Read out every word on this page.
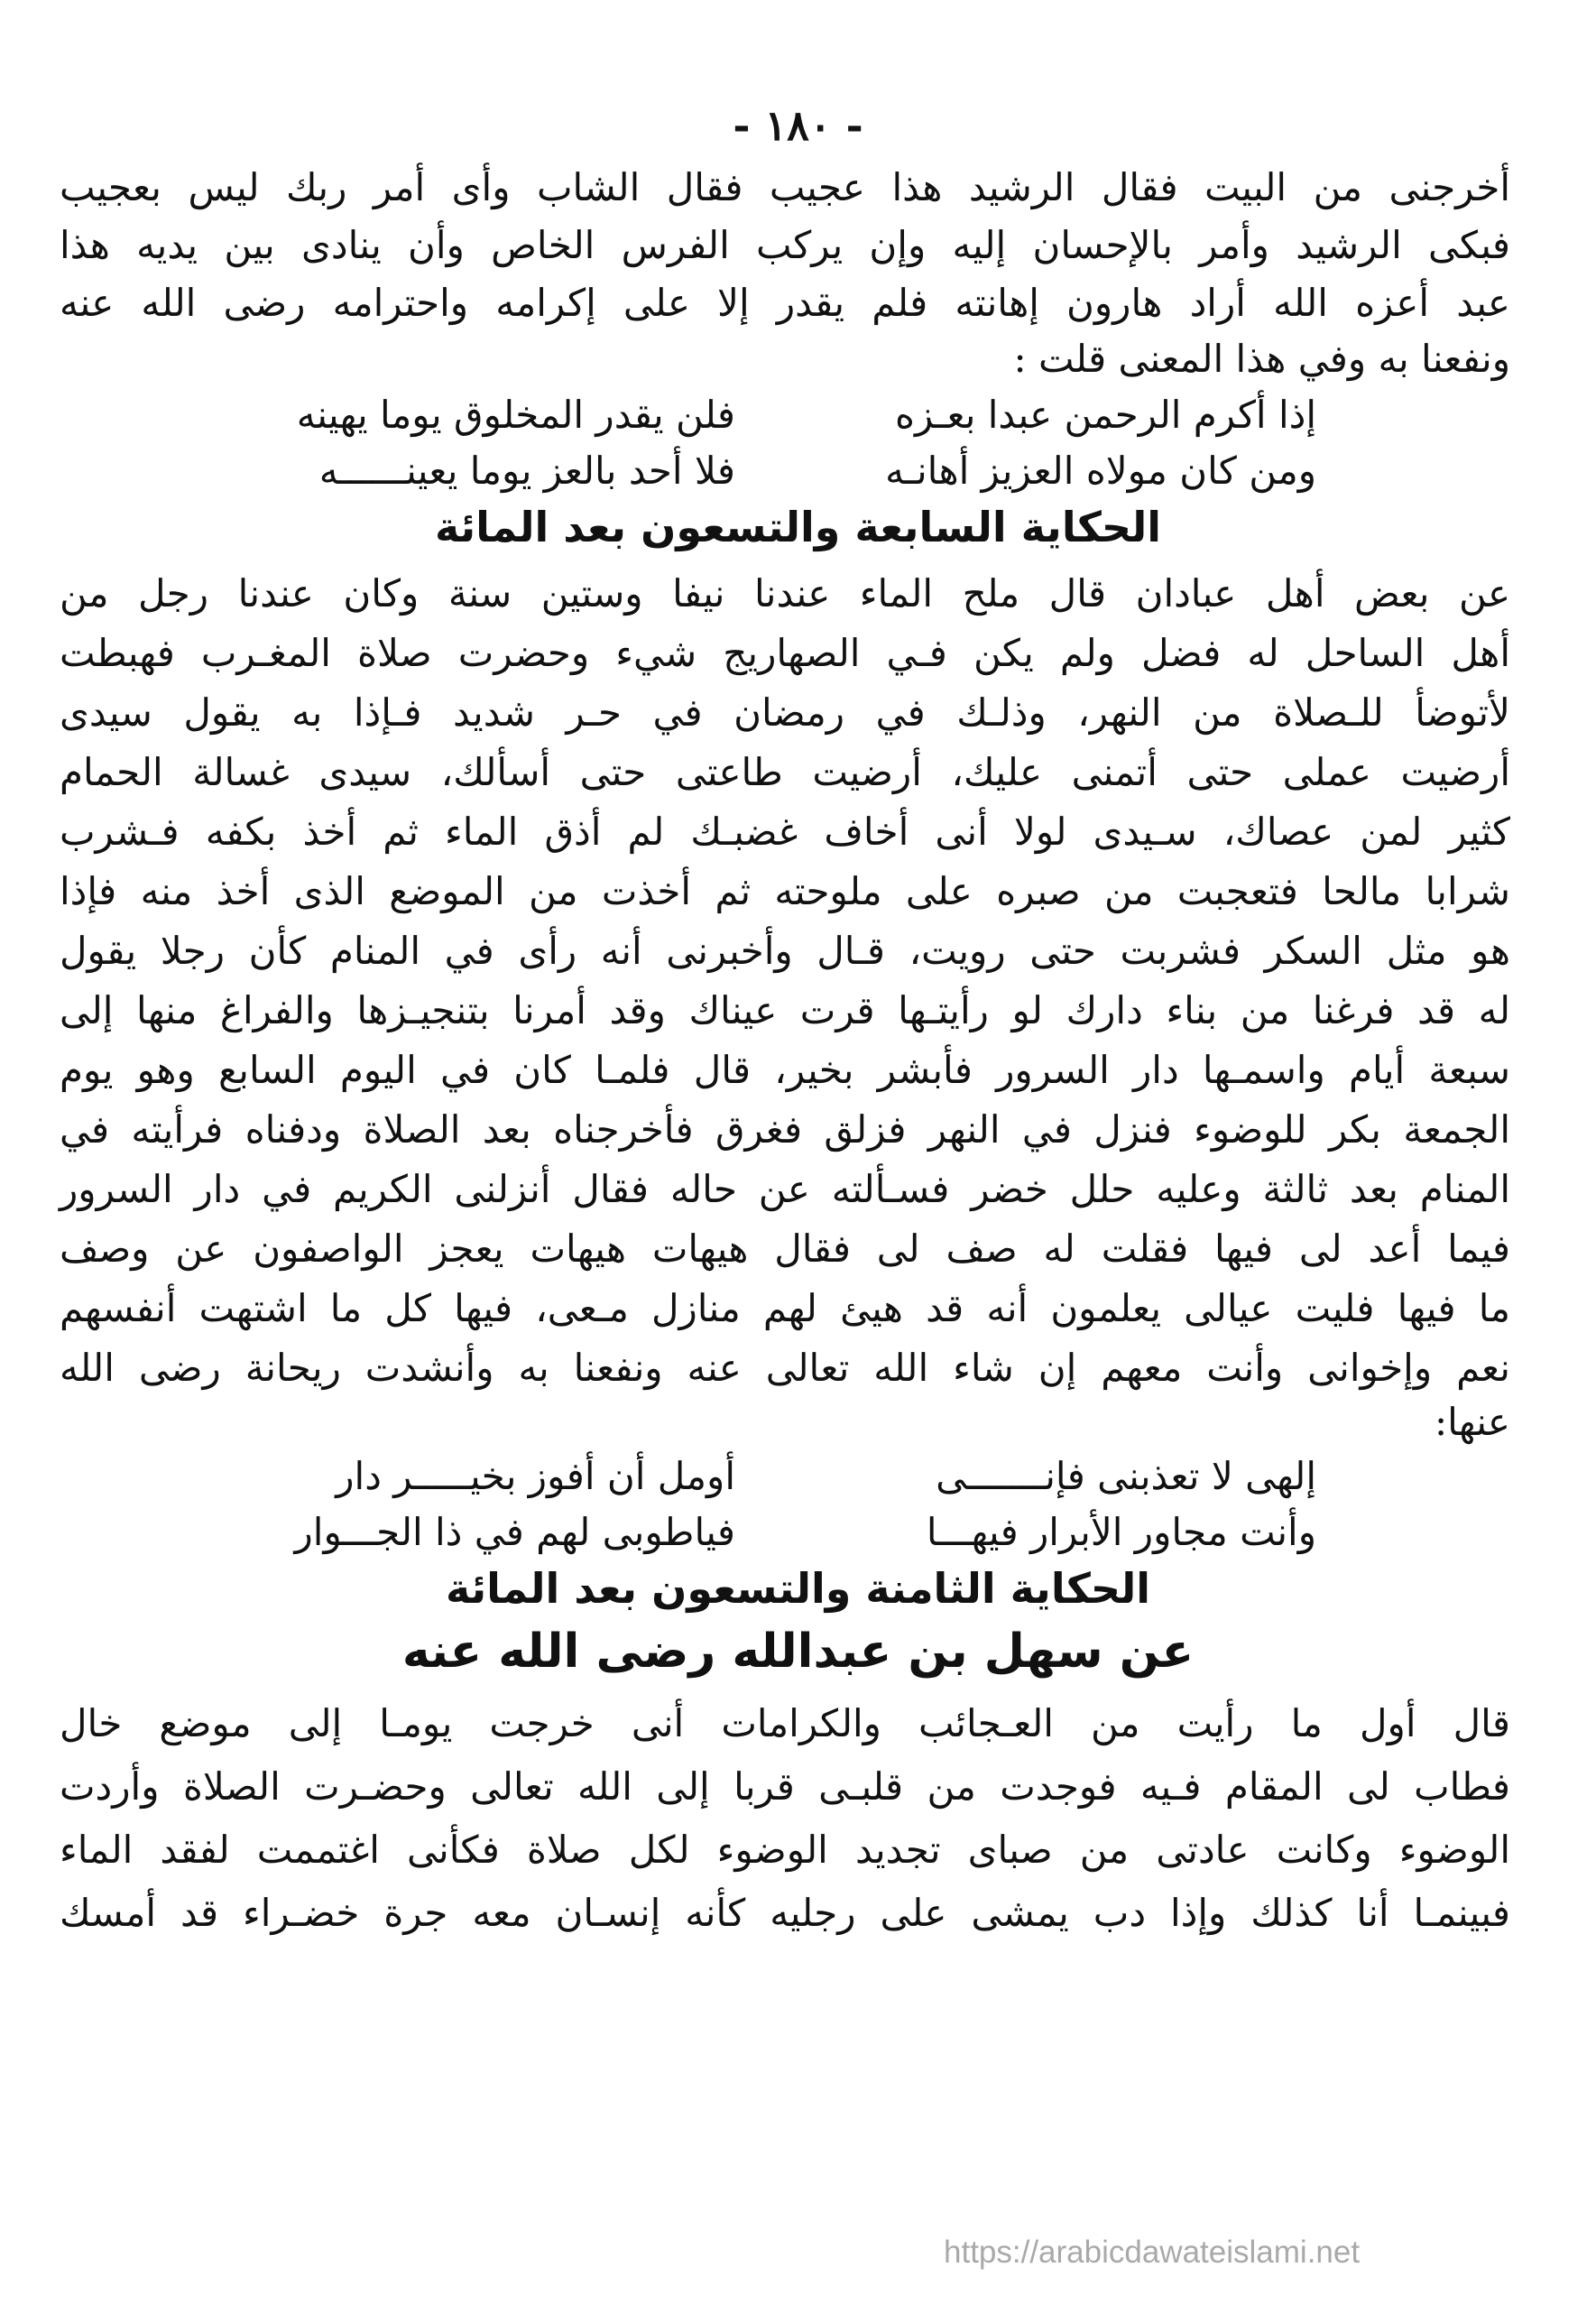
- ١٨٠ -
أخرجنى من البيت فقال الرشيد هذا عجيب فقال الشاب وأى أمر ربك ليس بعجيب
فبكى الرشيد وأمر بالإحسان إليه وإن يركب الفرس الخاص وأن ينادى بين يديه هذا
عبد أعزه الله أراد هارون إهانته فلم يقدر إلا على إكرامه واحترامه رضى الله عنه
ونفعنا به وفي هذا المعنى قلت :
إذا أكرم الرحمن عبدا بعـزه
فلن يقدر المخلوق يوما يهينه
ومن كان مولاه العزيز أهانـه
فلا أحد بالعز يوما يعينــــــه
الحكاية السابعة والتسعون بعد المائة
عن بعض أهل عبادان قال ملح الماء عندنا نيفا وستين سنة وكان عندنا رجل من
أهل الساحل له فضل ولم يكن فـي الصهاريج شيء وحضرت صلاة المغـرب فهبطت
لأتوضأ للـصلاة من النهر، وذلـك في رمضان في حـر شديد فـإذا به يقول سيدى
أرضيت عملى حتى أتمنى عليك، أرضيت طاعتى حتى أسألك، سيدى غسالة الحمام
كثير لمن عصاك، سـيدى لولا أنى أخاف غضبـك لم أذق الماء ثم أخذ بكفه فـشرب
شرابا مالحا فتعجبت من صبره على ملوحته ثم أخذت من الموضع الذى أخذ منه فإذا
هو مثل السكر فشربت حتى رويت، قـال وأخبرنى أنه رأى في المنام كأن رجلا يقول
له قد فرغنا من بناء دارك لو رأيتـها قرت عيناك وقد أمرنا بتنجيـزها والفراغ منها إلى
سبعة أيام واسمـها دار السرور فأبشر بخير، قال فلمـا كان في اليوم السابع وهو يوم
الجمعة بكر للوضوء فنزل في النهر فزلق فغرق فأخرجناه بعد الصلاة ودفناه فرأيته في
المنام بعد ثالثة وعليه حلل خضر فسـألته عن حاله فقال أنزلنى الكريم في دار السرور
فيما أعد لى فيها فقلت له صف لى فقال هيهات هيهات يعجز الواصفون عن وصف
ما فيها فليت عيالى يعلمون أنه قد هيئ لهم منازل مـعى، فيها كل ما اشتهت أنفسهم
نعم وإخوانى وأنت معهم إن شاء الله تعالى عنه ونفعنا به وأنشدت ريحانة رضى الله
عنها:
إلهى لا تعذبنى فإنـــــــى
أومل أن أفوز بخيـــــر دار
وأنت مجاور الأبرار فيهـــا
فياطوبى لهم في ذا الجـــوار
الحكاية الثامنة والتسعون بعد المائة
عن سهل بن عبدالله رضى الله عنه
قال أول ما رأيت من العـجائب والكرامات أنى خرجت يومـا إلى موضع خال
فطاب لى المقام فـيه فوجدت من قلبـى قربا إلى الله تعالى وحضـرت الصلاة وأردت
الوضوء وكانت عادتى من صباى تجديد الوضوء لكل صلاة فكأنى اغتممت لفقد الماء
فبينمـا أنا كذلك وإذا دب يمشى على رجليه كأنه إنسـان معه جرة خضـراء قد أمسك
https://arabicdawateislami.net
